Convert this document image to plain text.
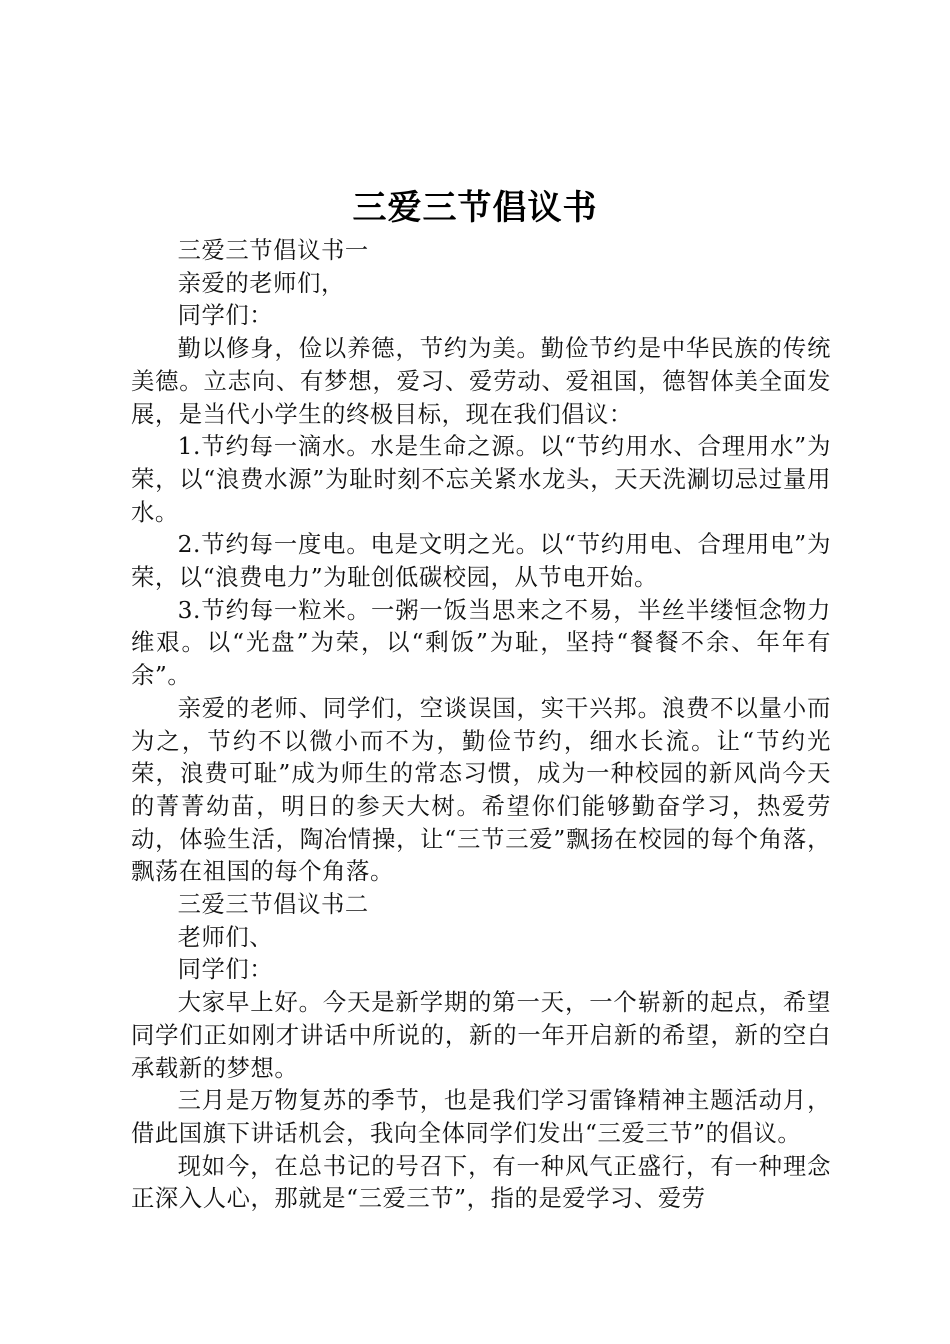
三爱三节倡议书

三爱三节倡议书一

亲爱的老师们，

同学们：

勤以修身，俭以养德，节约为美。勤俭节约是中华民族的传统美德。立志向、有梦想，爱习、爱劳动、爱祖国，德智体美全面发展，是当代小学生的终极目标，现在我们倡议：

1.节约每一滴水。水是生命之源。以“节约用水、合理用水”为荣，以“浪费水源”为耻时刻不忘关紧水龙头，天天洗涮切忌过量用水。

2.节约每一度电。电是文明之光。以“节约用电、合理用电”为荣，以“浪费电力”为耻创低碳校园，从节电开始。

3.节约每一粒米。一粥一饭当思来之不易，半丝半缕恒念物力维艰。以“光盘”为荣，以“剩饭”为耻，坚持“餐餐不余、年年有余”。

亲爱的老师、同学们，空谈误国，实干兴邦。浪费不以量小而为之，节约不以微小而不为，勤俭节约，细水长流。让“节约光荣，浪费可耻”成为师生的常态习惯，成为一种校园的新风尚今天的菁菁幼苗，明日的参天大树。希望你们能够勤奋学习，热爱劳动，体验生活，陶冶情操，让“三节三爱”飘扬在校园的每个角落，飘荡在祖国的每个角落。

三爱三节倡议书二

老师们、

同学们：

大家早上好。今天是新学期的第一天，一个崭新的起点，希望同学们正如刚才讲话中所说的，新的一年开启新的希望，新的空白承载新的梦想。

三月是万物复苏的季节，也是我们学习雷锋精神主题活动月，借此国旗下讲话机会，我向全体同学们发出“三爱三节”的倡议。

现如今，在总书记的号召下，有一种风气正盛行，有一种理念正深入人心，那就是“三爱三节”，指的是爱学习、爱劳
